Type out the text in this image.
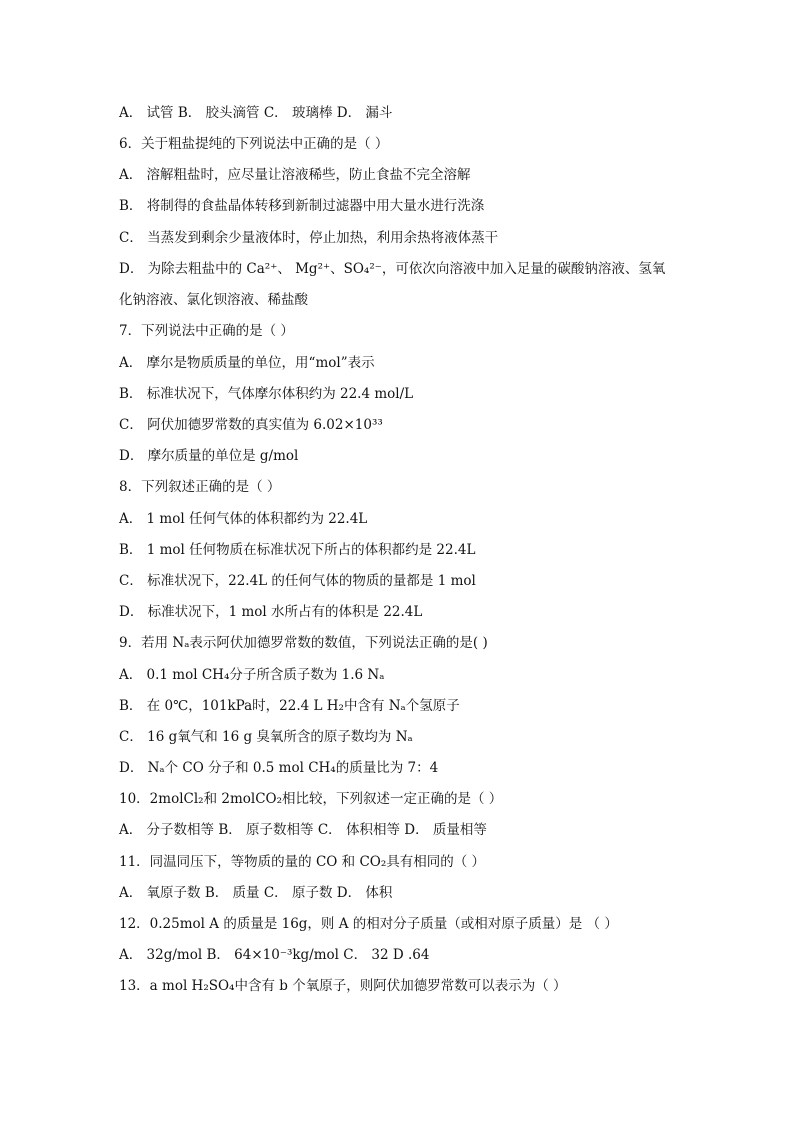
A． 试管 B． 胶头滴管 C． 玻璃棒 D． 漏斗
6．关于粗盐提纯的下列说法中正确的是（ ）
A． 溶解粗盐时，应尽量让溶液稀些，防止食盐不完全溶解
B． 将制得的食盐晶体转移到新制过滤器中用大量水进行洗涤
C． 当蒸发到剩余少量液体时，停止加热，利用余热将液体蒸干
D． 为除去粗盐中的 Ca²⁺、 Mg²⁺、SO₄²⁻，可依次向溶液中加入足量的碳酸钠溶液、氢氧
化钠溶液、氯化钡溶液、稀盐酸
7．下列说法中正确的是（ ）
A． 摩尔是物质质量的单位，用“mol”表示
B． 标准状况下，气体摩尔体积约为 22.4 mol/L
C． 阿伏加德罗常数的真实值为 6.02×10³³
D． 摩尔质量的单位是 g/mol
8．下列叙述正确的是（ ）
A． 1 mol 任何气体的体积都约为 22.4L
B． 1 mol 任何物质在标准状况下所占的体积都约是 22.4L
C． 标准状况下，22.4L 的任何气体的物质的量都是 1 mol
D． 标准状况下，1 mol 水所占有的体积是 22.4L
9．若用 Nₐ表示阿伏加德罗常数的数值，下列说法正确的是( )
A． 0.1 mol CH₄分子所含质子数为 1.6 Nₐ
B． 在 0℃，101kPa时，22.4 L H₂中含有 Nₐ个氢原子
C． 16 g氧气和 16 g 臭氧所含的原子数均为 Nₐ
D． Nₐ个 CO 分子和 0.5 mol CH₄的质量比为 7：4
10．2molCl₂和 2molCO₂相比较，下列叙述一定正确的是（ ）
A． 分子数相等 B． 原子数相等 C． 体积相等 D． 质量相等
11．同温同压下，等物质的量的 CO 和 CO₂具有相同的（ ）
A． 氧原子数 B． 质量 C． 原子数 D． 体积
12．0.25mol A 的质量是 16g，则 A 的相对分子质量（或相对原子质量）是 （ ）
A． 32g/mol B． 64×10⁻³kg/mol C． 32 D .64
13．a mol H₂SO₄中含有 b 个氧原子，则阿伏加德罗常数可以表示为（ ）
